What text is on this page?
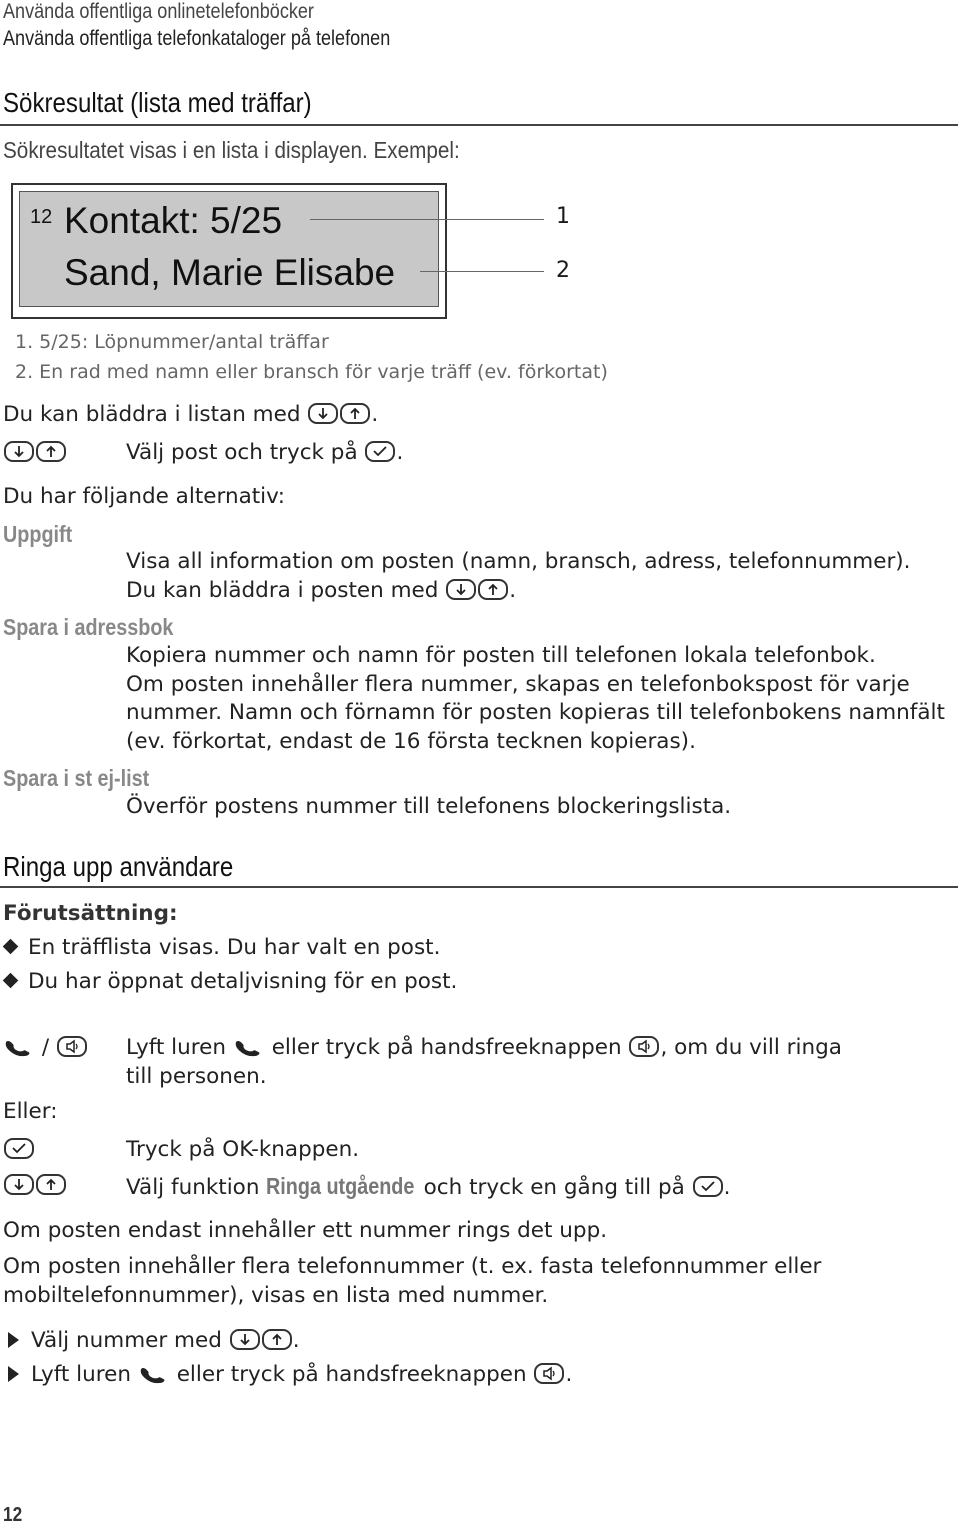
Använda offentliga onlinetelefonböcker
Använda offentliga telefonkataloger på telefonen
Sökresultat (lista med träffar)
Sökresultatet visas i en lista i displayen. Exempel:
12 Kontakt: 5/25
Sand, Marie Elisabe
1
2
1. 5/25: Löpnummer/antal träffar
2. En rad med namn eller bransch för varje träff (ev. förkortat)
Du kan bläddra i listan med	.
Välj post och tryck på .
Du har följande alternativ:
Uppgift
Visa all information om posten (namn, bransch, adress, telefonnummer).
Du kan bläddra i posten med	.
Spara i adressbok
Kopiera nummer och namn för posten till telefonen lokala telefonbok.
Om posten innehåller flera nummer, skapas en telefonbokspost för varje
nummer. Namn och förnamn för posten kopieras till telefonbokens namnfält
(ev. förkortat, endast de 16 första tecknen kopieras).
Spara i st ej-list
Överför postens nummer till telefonens blockeringslista.
Ringa upp användare
Förutsättning:
En träfflista visas. Du har valt en post.
Du har öppnat detaljvisning för en post.
/	Lyft luren eller tryck på handsfreeknappen , om du vill ringa
till personen.
Eller:
Tryck på OK-knappen.
Välj funktion Ringa utgående och tryck en gång till på .
Om posten endast innehåller ett nummer rings det upp.
Om posten innehåller flera telefonnummer (t. ex. fasta telefonnummer eller
mobiltelefonnummer), visas en lista med nummer.
Välj nummer med	.
Lyft luren eller tryck på handsfreeknappen .
12
